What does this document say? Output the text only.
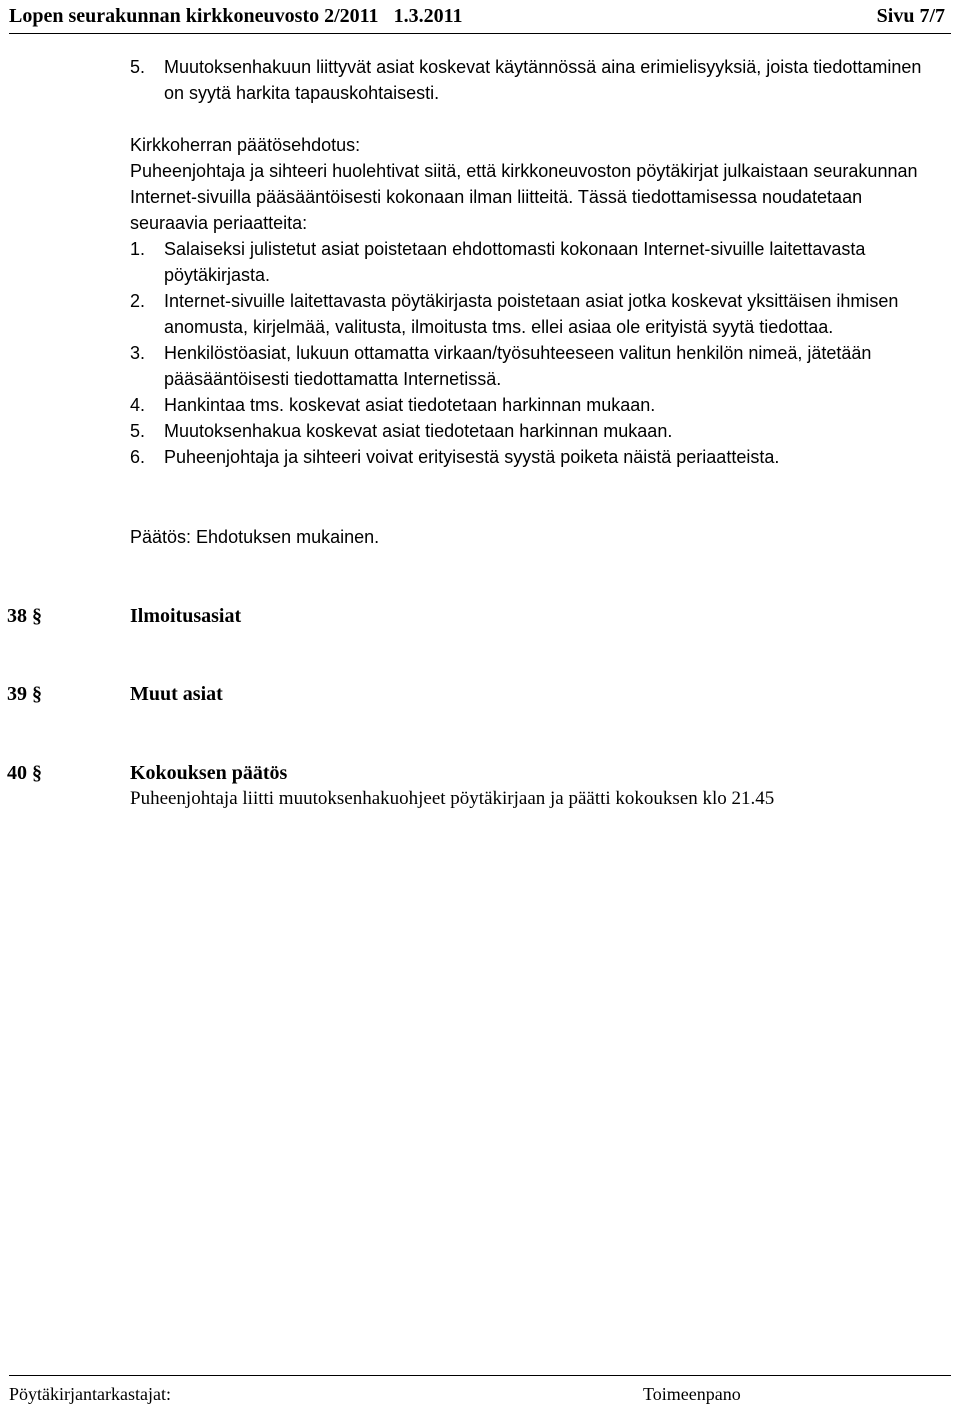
Lopen seurakunnan kirkkoneuvosto 2/2011 1.3.2011	Sivu 7/7
5. Muutoksenhakuun liittyvät asiat koskevat käytännössä aina erimielisyyksiä, joista tiedottaminen on syytä harkita tapauskohtaisesti.
Kirkkoherran päätösehdotus:
Puheenjohtaja ja sihteeri huolehtivat siitä, että kirkkoneuvoston pöytäkirjat julkaistaan seurakunnan Internet-sivuilla pääsääntöisesti kokonaan ilman liitteitä. Tässä tiedottamisessa noudatetaan seuraavia periaatteita:
1. Salaiseksi julistetut asiat poistetaan ehdottomasti kokonaan Internet-sivuille laitettavasta pöytäkirjasta.
2. Internet-sivuille laitettavasta pöytäkirjasta poistetaan asiat jotka koskevat yksittäisen ihmisen anomusta, kirjelmää, valitusta, ilmoitusta tms. ellei asiaa ole erityistä syytä tiedottaa.
3. Henkilöstöasiat, lukuun ottamatta virkaan/työsuhteeseen valitun henkilön nimeä, jätetään pääsääntöisesti tiedottamatta Internetissä.
4. Hankintaa tms. koskevat asiat tiedotetaan harkinnan mukaan.
5. Muutoksenhakua koskevat asiat tiedotetaan harkinnan mukaan.
6. Puheenjohtaja ja sihteeri voivat erityisestä syystä poiketa näistä periaatteista.
Päätös: Ehdotuksen mukainen.
38 §	Ilmoitusasiat
39 §	Muut asiat
40 §	Kokouksen päätös
Puheenjohtaja liitti muutoksenhakuohjeet pöytäkirjaan ja päätti kokouksen klo 21.45
Pöytäkirjantarkastajat:	Toimeenpano
